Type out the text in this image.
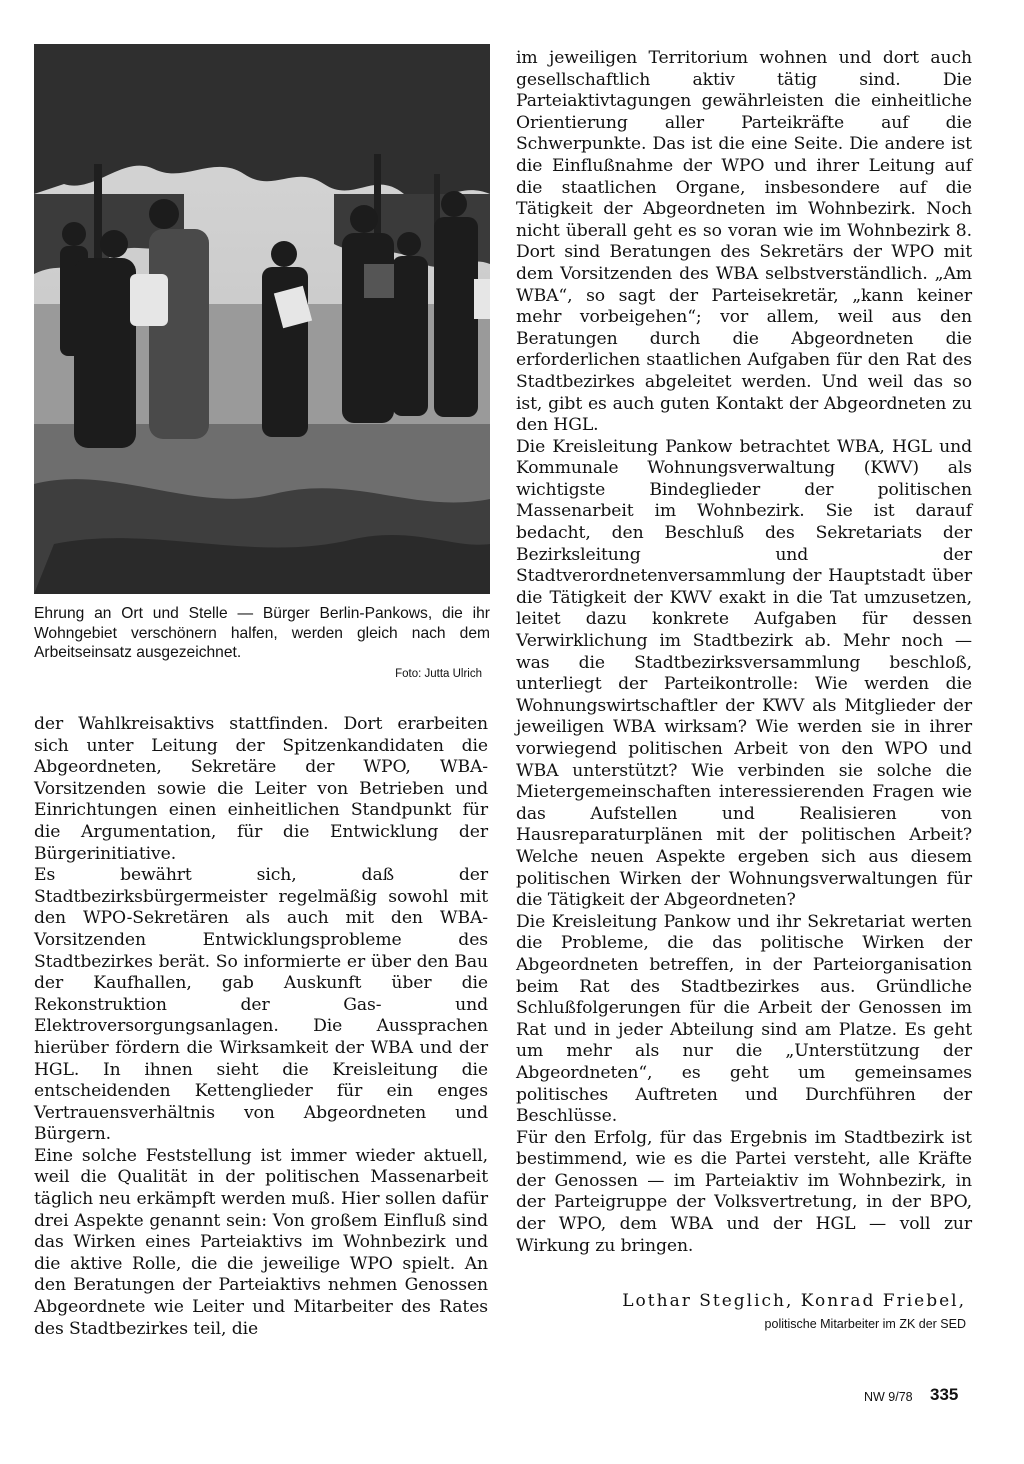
Ehrung an Ort und Stelle — Bürger Berlin-Pankows, die ihr Wohngebiet verschönern halfen, werden gleich nach dem Arbeitseinsatz ausgezeichnet.
Foto: Jutta Ulrich

der Wahlkreisaktivs stattfinden. Dort erarbeiten sich unter Leitung der Spitzenkandidaten die Abgeordneten, Sekretäre der WPO, WBA-Vorsitzenden sowie die Leiter von Betrieben und Einrichtungen einen einheitlichen Standpunkt für die Argumentation, für die Entwicklung der Bürgerinitiative.

Es bewährt sich, daß der Stadtbezirksbürgermeister regelmäßig sowohl mit den WPO-Sekretären als auch mit den WBA-Vorsitzenden Entwicklungsprobleme des Stadtbezirkes berät. So informierte er über den Bau der Kaufhallen, gab Auskunft über die Rekonstruktion der Gas- und Elektroversorgungsanlagen. Die Aussprachen hierüber fördern die Wirksamkeit der WBA und der HGL. In ihnen sieht die Kreisleitung die entscheidenden Kettenglieder für ein enges Vertrauensverhältnis von Abgeordneten und Bürgern.

Eine solche Feststellung ist immer wieder aktuell, weil die Qualität in der politischen Massenarbeit täglich neu erkämpft werden muß. Hier sollen dafür drei Aspekte genannt sein: Von großem Einfluß sind das Wirken eines Parteiaktivs im Wohnbezirk und die aktive Rolle, die die jeweilige WPO spielt. An den Beratungen der Parteiaktivs nehmen Genossen Abgeordnete wie Leiter und Mitarbeiter des Rates des Stadtbezirkes teil, die

im jeweiligen Territorium wohnen und dort auch gesellschaftlich aktiv tätig sind. Die Parteiaktivtagungen gewährleisten die einheitliche Orientierung aller Parteikräfte auf die Schwerpunkte. Das ist die eine Seite. Die andere ist die Einflußnahme der WPO und ihrer Leitung auf die staatlichen Organe, insbesondere auf die Tätigkeit der Abgeordneten im Wohnbezirk. Noch nicht überall geht es so voran wie im Wohnbezirk 8. Dort sind Beratungen des Sekretärs der WPO mit dem Vorsitzenden des WBA selbstverständlich. „Am WBA“, so sagt der Parteisekretär, „kann keiner mehr vorbeigehen“; vor allem, weil aus den Beratungen durch die Abgeordneten die erforderlichen staatlichen Aufgaben für den Rat des Stadtbezirkes abgeleitet werden. Und weil das so ist, gibt es auch guten Kontakt der Abgeordneten zu den HGL.

Die Kreisleitung Pankow betrachtet WBA, HGL und Kommunale Wohnungsverwaltung (KWV) als wichtigste Bindeglieder der politischen Massenarbeit im Wohnbezirk. Sie ist darauf bedacht, den Beschluß des Sekretariats der Bezirksleitung und der Stadtverordnetenversammlung der Hauptstadt über die Tätigkeit der KWV exakt in die Tat umzusetzen, leitet dazu konkrete Aufgaben für dessen Verwirklichung im Stadtbezirk ab. Mehr noch — was die Stadtbezirksversammlung beschloß, unterliegt der Parteikontrolle: Wie werden die Wohnungswirtschaftler der KWV als Mitglieder der jeweiligen WBA wirksam? Wie werden sie in ihrer vorwiegend politischen Arbeit von den WPO und WBA unterstützt? Wie verbinden sie solche die Mietergemeinschaften interessierenden Fragen wie das Aufstellen und Realisieren von Hausreparaturplänen mit der politischen Arbeit? Welche neuen Aspekte ergeben sich aus diesem politischen Wirken der Wohnungsverwaltungen für die Tätigkeit der Abgeordneten?

Die Kreisleitung Pankow und ihr Sekretariat werten die Probleme, die das politische Wirken der Abgeordneten betreffen, in der Parteiorganisation beim Rat des Stadtbezirkes aus. Gründliche Schlußfolgerungen für die Arbeit der Genossen im Rat und in jeder Abteilung sind am Platze. Es geht um mehr als nur die „Unterstützung der Abgeordneten“, es geht um gemeinsames politisches Auftreten und Durchführen der Beschlüsse.

Für den Erfolg, für das Ergebnis im Stadtbezirk ist bestimmend, wie es die Partei versteht, alle Kräfte der Genossen — im Parteiaktiv im Wohnbezirk, in der Parteigruppe der Volksvertretung, in der BPO, der WPO, dem WBA und der HGL — voll zur Wirkung zu bringen.

Lothar Steglich, Konrad Friebel,
politische Mitarbeiter im ZK der SED
NW 9/78 335
